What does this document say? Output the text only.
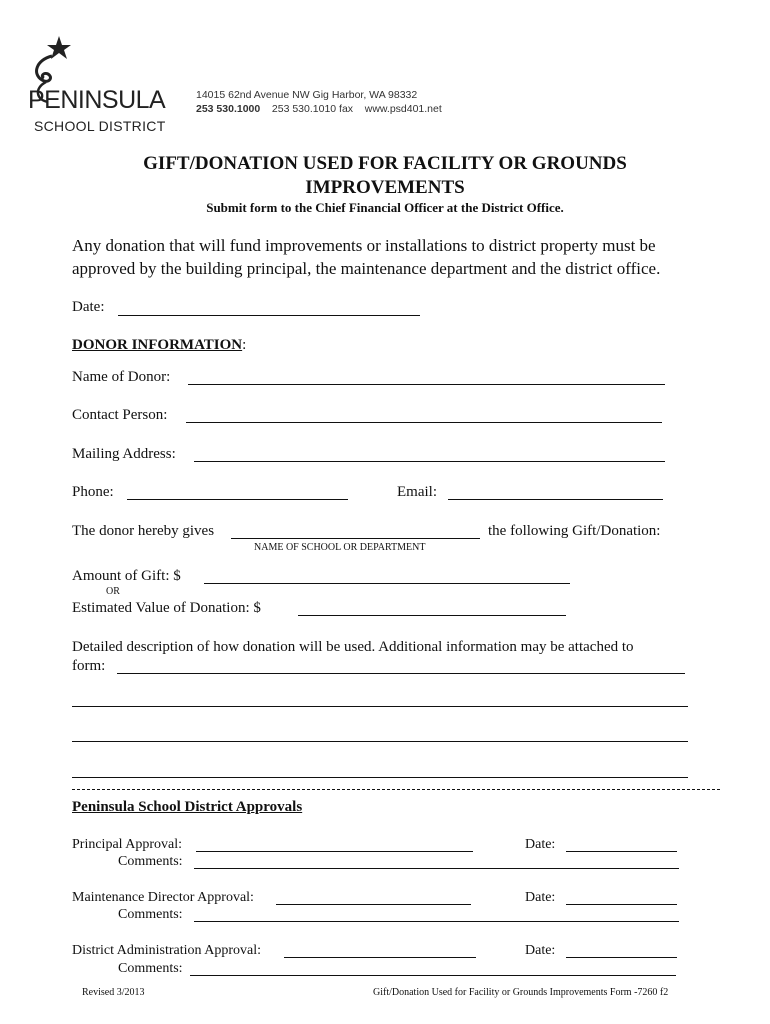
PENINSULA
SCHOOL DISTRICT
14015 62nd Avenue NW Gig Harbor, WA 98332
253 530.1000 253 530.1010 fax www.psd401.net
GIFT/DONATION USED FOR FACILITY OR GROUNDS
IMPROVEMENTS
Submit form to the Chief Financial Officer at the District Office.
Any donation that will fund improvements or installations to district property must be
approved by the building principal, the maintenance department and the district office.
Date:
DONOR INFORMATION:
Name of Donor:
Contact Person:
Mailing Address:
Phone:	Email:
The donor hereby gives	the following Gift/Donation:
NAME OF SCHOOL OR DEPARTMENT
Amount of Gift: $
OR
Estimated Value of Donation: $
Detailed description of how donation will be used. Additional information may be attached to
form:
Peninsula School District Approvals
Principal Approval:	Date:
Comments:
Maintenance Director Approval:	Date:
Comments:
District Administration Approval:	Date:
Comments:
Revised 3/2013	Gift/Donation Used for Facility or Grounds Improvements Form -7260 f2
